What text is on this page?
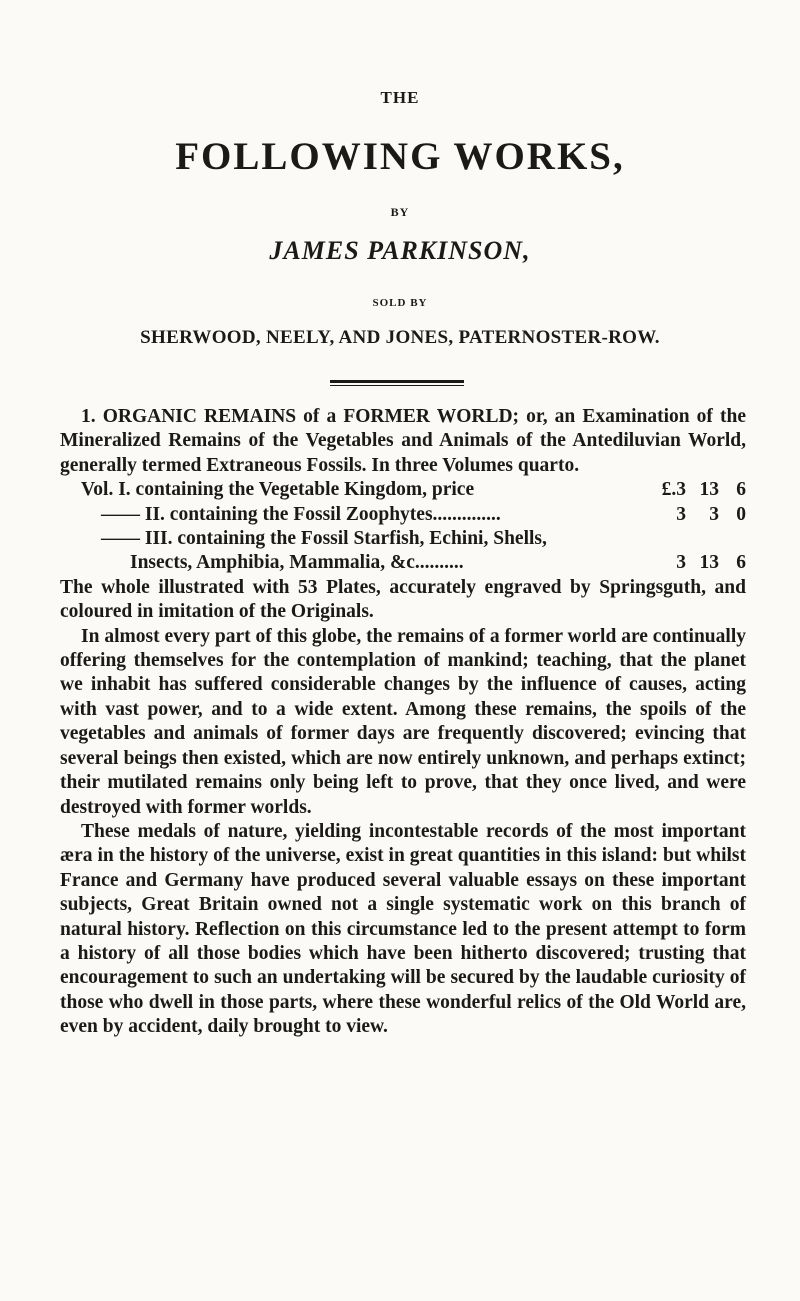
THE
FOLLOWING WORKS,
BY
JAMES PARKINSON,
SOLD BY
SHERWOOD, NEELY, AND JONES, PATERNOSTER-ROW.

1. ORGANIC REMAINS of a FORMER WORLD; or, an Examination of the Mineralized Remains of the Vegetables and Animals of the Antediluvian World, generally termed Extraneous Fossils. In three Volumes quarto.

Vol. I. containing the Vegetable Kingdom, price	£.3 13 6
—— II. containing the Fossil Zoophytes..............	3	3 0
—— III. containing the Fossil Starfish, Echini, Shells,
Insects, Amphibia, Mammalia, &c..........	3 13 6

The whole illustrated with 53 Plates, accurately engraved by Springsguth, and coloured in imitation of the Originals.

In almost every part of this globe, the remains of a former world are continually offering themselves for the contemplation of mankind; teaching, that the planet we inhabit has suffered considerable changes by the influence of causes, acting with vast power, and to a wide extent. Among these remains, the spoils of the vegetables and animals of former days are frequently discovered; evincing that several beings then existed, which are now entirely unknown, and perhaps extinct; their mutilated remains only being left to prove, that they once lived, and were destroyed with former worlds.

These medals of nature, yielding incontestable records of the most important æra in the history of the universe, exist in great quantities in this island: but whilst France and Germany have produced several valuable essays on these important subjects, Great Britain owned not a single systematic work on this branch of natural history. Reflection on this circumstance led to the present attempt to form a history of all those bodies which have been hitherto discovered; trusting that encouragement to such an undertaking will be secured by the laudable curiosity of those who dwell in those parts, where these wonderful relics of the Old World are, even by accident, daily brought to view.
